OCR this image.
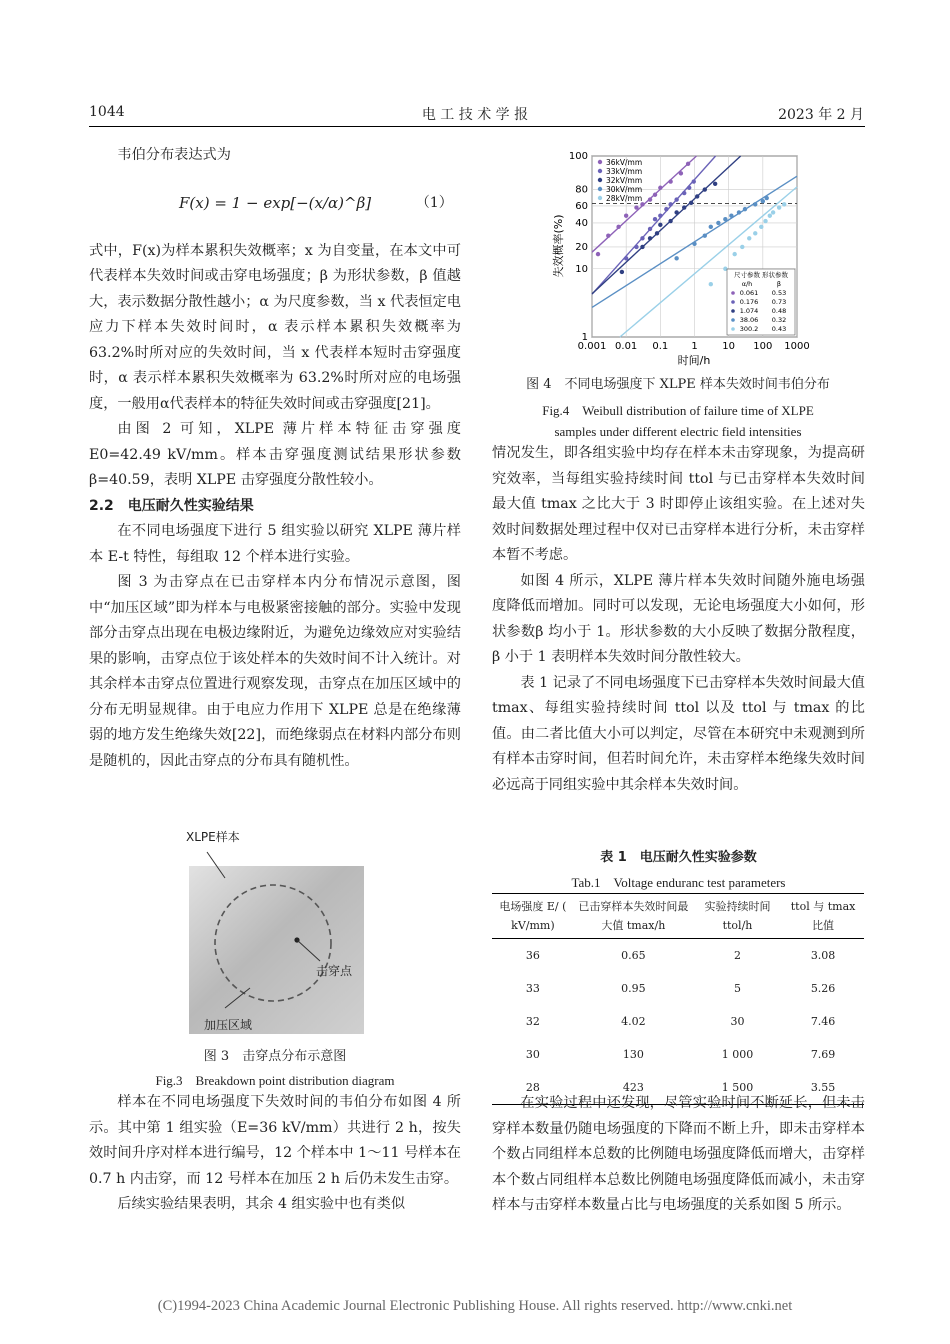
1044	电 工 技 术 学 报	2023 年 2 月

韦伯分布表达式为

F(x) = 1 − exp[−(x/α)^β]	（1）

式中，F(x)为样本累积失效概率；x 为自变量，在本文中可代表样本失效时间或击穿电场强度；β 为形状参数，β 值越大，表示数据分散性越小；α 为尺度参数，当 x 代表恒定电应力下样本失效时间时，α 表示样本累积失效概率为 63.2%时所对应的失效时间，当 x 代表样本短时击穿强度时，α 表示样本累积失效概率为 63.2%时所对应的电场强度，一般用α代表样本的特征失效时间或击穿强度[21]。

由图 2 可知，XLPE 薄片样本特征击穿强度 E0=42.49 kV/mm。样本击穿强度测试结果形状参数β=40.59，表明 XLPE 击穿强度分散性较小。

2.2　电压耐久性实验结果

在不同电场强度下进行 5 组实验以研究 XLPE 薄片样本 E-t 特性，每组取 12 个样本进行实验。

图 3 为击穿点在已击穿样本内分布情况示意图，图中“加压区域”即为样本与电极紧密接触的部分。实验中发现部分击穿点出现在电极边缘附近，为避免边缘效应对实验结果的影响，击穿点位于该处样本的失效时间不计入统计。对其余样本击穿点位置进行观察发现，击穿点在加压区域中的分布无明显规律。由于电应力作用下 XLPE 总是在绝缘薄弱的地方发生绝缘失效[22]，而绝缘弱点在材料内部分布则是随机的，因此击穿点的分布具有随机性。

XLPE样本
击穿点
加压区域
图 3　击穿点分布示意图
Fig.3　Breakdown point distribution diagram

样本在不同电场强度下失效时间的韦伯分布如图 4 所示。其中第 1 组实验（E=36 kV/mm）共进行 2 h，按失效时间升序对样本进行编号，12 个样本中 1～11 号样本在 0.7 h 内击穿，而 12 号样本在加压 2 h 后仍未发生击穿。

后续实验结果表明，其余 4 组实验中也有类似

0.001 0.01 0.1 1 10 100 1000
1
10
20
40
60
80
100
36kV/mm
33kV/mm
32kV/mm
30kV/mm
28kV/mm
尺寸参数 形状参数
α/h	β
0.061 0.53
0.176 0.73
1.074 0.48
38.06 0.32
300.2 0.43
失效概率(%)
时间/h
图 4　不同电场强度下 XLPE 样本失效时间韦伯分布
Fig.4　Weibull distribution of failure time of XLPE
samples under different electric field intensities

情况发生，即各组实验中均存在样本未击穿现象，为提高研究效率，当每组实验持续时间 ttol 与已击穿样本失效时间最大值 tmax 之比大于 3 时即停止该组实验。在上述对失效时间数据处理过程中仅对已击穿样本进行分析，未击穿样本暂不考虑。

如图 4 所示，XLPE 薄片样本失效时间随外施电场强度降低而增加。同时可以发现，无论电场强度大小如何，形状参数β 均小于 1。形状参数的大小反映了数据分散程度，β 小于 1 表明样本失效时间分散性较大。

表 1 记录了不同电场强度下已击穿样本失效时间最大值 tmax、每组实验持续时间 ttol 以及 ttol 与 tmax 的比值。由二者比值大小可以判定，尽管在本研究中未观测到所有样本击穿时间，但若时间允许，未击穿样本绝缘失效时间必远高于同组实验中其余样本失效时间。

表 1　电压耐久性实验参数
Tab.1　Voltage enduranc test parameters
电场强度 E/ ( kV/mm)	已击穿样本失效时间最大值 tmax/h	实验持续时间 ttol/h	ttol 与 tmax 比值
36	0.65	2	3.08
33	0.95	5	5.26
32	4.02	30	7.46
30	130	1 000	7.69
28	423	1 500	3.55

在实验过程中还发现，尽管实验时间不断延长，但未击穿样本数量仍随电场强度的下降而不断上升，即未击穿样本个数占同组样本总数的比例随电场强度降低而增大，击穿样本个数占同组样本总数比例随电场强度降低而减小，未击穿样本与击穿样本数量占比与电场强度的关系如图 5 所示。

(C)1994-2023 China Academic Journal Electronic Publishing House. All rights reserved. http://www.cnki.net
